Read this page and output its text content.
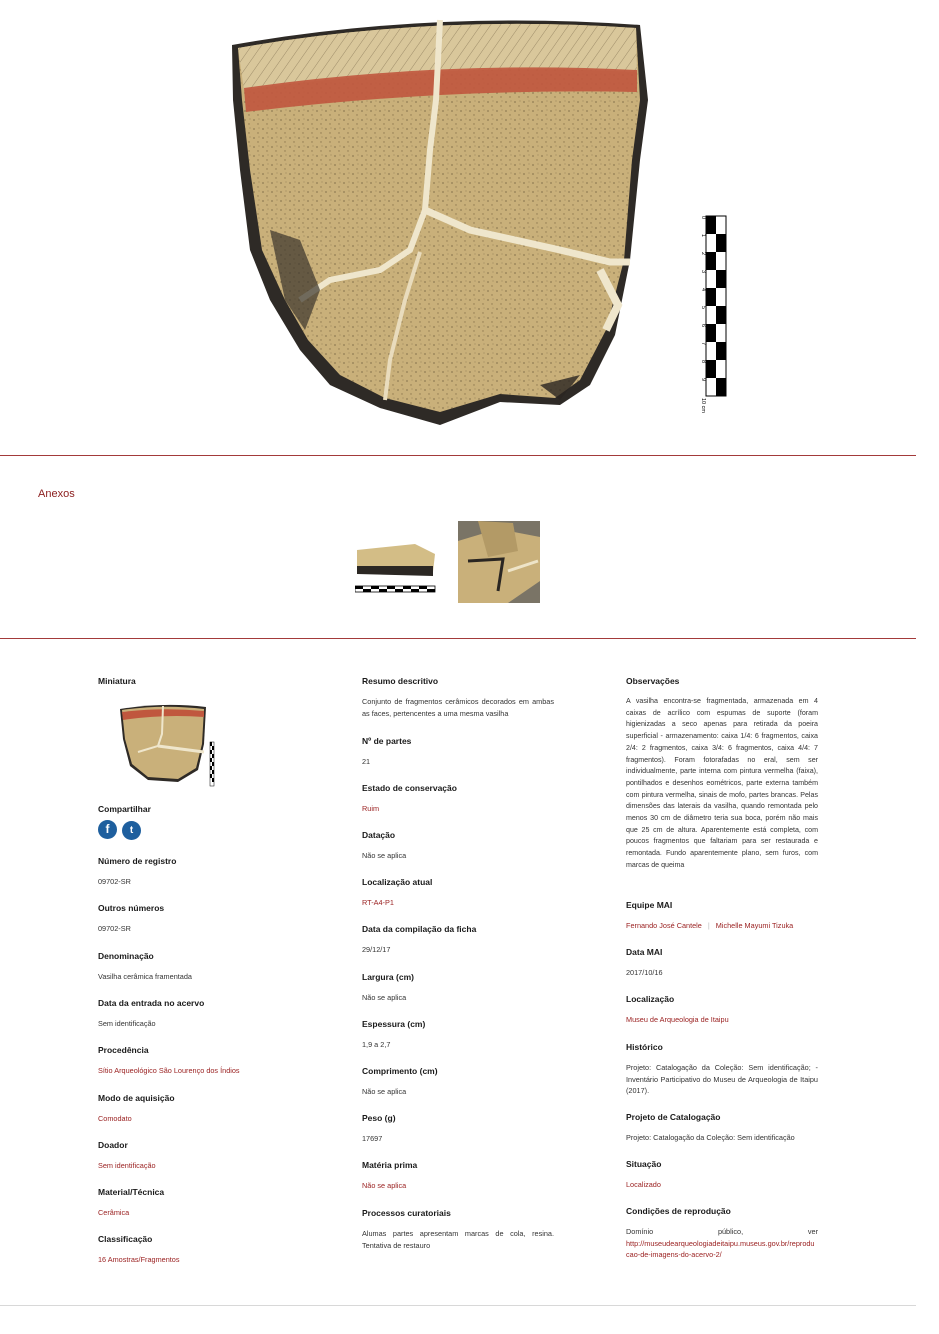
0
1
2
3
4
5
6
7
8
9
10 cm
Anexos
Miniatura
Compartilhar
f t
Número de registro
09702-SR
Outros números
09702-SR
Denominação
Vasilha cerâmica framentada
Data da entrada no acervo
Sem identificação
Procedência
Sítio Arqueológico São Lourenço dos Índios
Modo de aquisição
Comodato
Doador
Sem identificação
Material/Técnica
Cerâmica
Classificação
16 Amostras/Fragmentos
Resumo descritivo
Conjunto de fragmentos cerâmicos decorados em ambas as faces, pertencentes a uma mesma vasilha
Nº de partes
21
Estado de conservação
Ruim
Datação
Não se aplica
Localização atual
RT-A4-P1
Data da compilação da ficha
29/12/17
Largura (cm)
Não se aplica
Espessura (cm)
1,9 a 2,7
Comprimento (cm)
Não se aplica
Peso (g)
17697
Matéria prima
Não se aplica
Processos curatoriais
Alumas partes apresentam marcas de cola, resina. Tentativa de restauro
Observações
A vasilha encontra-se fragmentada, armazenada em 4 caixas de acrílico com espumas de suporte (foram higienizadas a seco apenas para retirada da poeira superficial - armazenamento: caixa 1/4: 6 fragmentos, caixa 2/4: 2 fragmentos, caixa 3/4: 6 fragmentos, caixa 4/4: 7 fragmentos). Foram fotorafadas no eral, sem ser individualmente, parte interna com pintura vermelha (faixa), pontilhados e desenhos eométricos, parte externa também com pintura vermelha, sinais de mofo, partes brancas. Pelas dimensões das laterais da vasilha, quando remontada pelo menos 30 cm de diâmetro teria sua boca, porém não mais que 25 cm de altura. Aparentemente está completa, com poucos fragmentos que faltariam para ser restaurada e remontada. Fundo aparentemente plano, sem furos, com marcas de queima
Equipe MAI
Fernando José Cantele | Michelle Mayumi Tizuka
Data MAI
2017/10/16
Localização
Museu de Arqueologia de Itaipu
Histórico
Projeto: Catalogação da Coleção: Sem identificação; - Inventário Participativo do Museu de Arqueologia de Itaipu (2017).
Projeto de Catalogação
Projeto: Catalogação da Coleção: Sem identificação
Situação
Localizado
Condições de reprodução
Domínio público, ver
http://museudearqueologiadeitaipu.museus.gov.br/reproducao-de-imagens-do-acervo-2/
